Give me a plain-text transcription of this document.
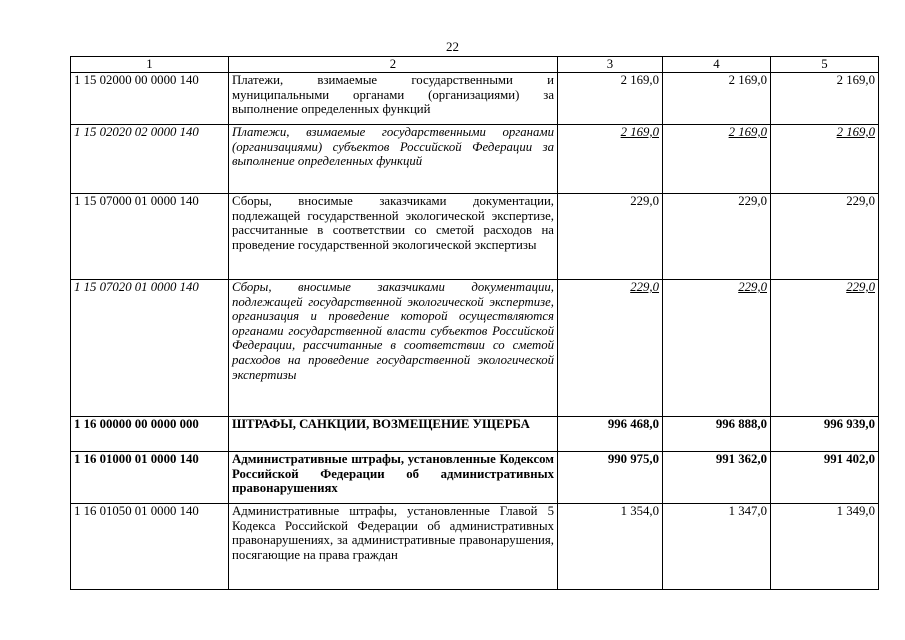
22
1	2	3	4	5
1 15 02000 00 0000 140	Платежи, взимаемые государственными и муниципальными органами (организациями) за выполнение определенных функций	2 169,0	2 169,0	2 169,0
1 15 02020 02 0000 140	Платежи, взимаемые государственными органами (организациями) субъектов Российской Федерации за выполнение определенных функций	2 169,0	2 169,0	2 169,0
1 15 07000 01 0000 140	Сборы, вносимые заказчиками документации, подлежащей государственной экологической экспертизе, рассчитанные в соответствии со сметой расходов на проведение государственной экологической экспертизы	229,0	229,0	229,0
1 15 07020 01 0000 140	Сборы, вносимые заказчиками документации, подлежащей государственной экологической экспертизе, организация и проведение которой осуществляются органами государственной власти субъектов Российской Федерации, рассчитанные в соответствии со сметой расходов на проведение государственной экологической экспертизы	229,0	229,0	229,0
1 16 00000 00 0000 000	ШТРАФЫ, САНКЦИИ, ВОЗМЕЩЕНИЕ УЩЕРБА	996 468,0	996 888,0	996 939,0
1 16 01000 01 0000 140	Административные штрафы, установленные Кодексом Российской Федерации об административных правонарушениях	990 975,0	991 362,0	991 402,0
1 16 01050 01 0000 140	Административные штрафы, установленные Главой 5 Кодекса Российской Федерации об административных правонарушениях, за административные правонарушения, посягающие на права граждан	1 354,0	1 347,0	1 349,0
